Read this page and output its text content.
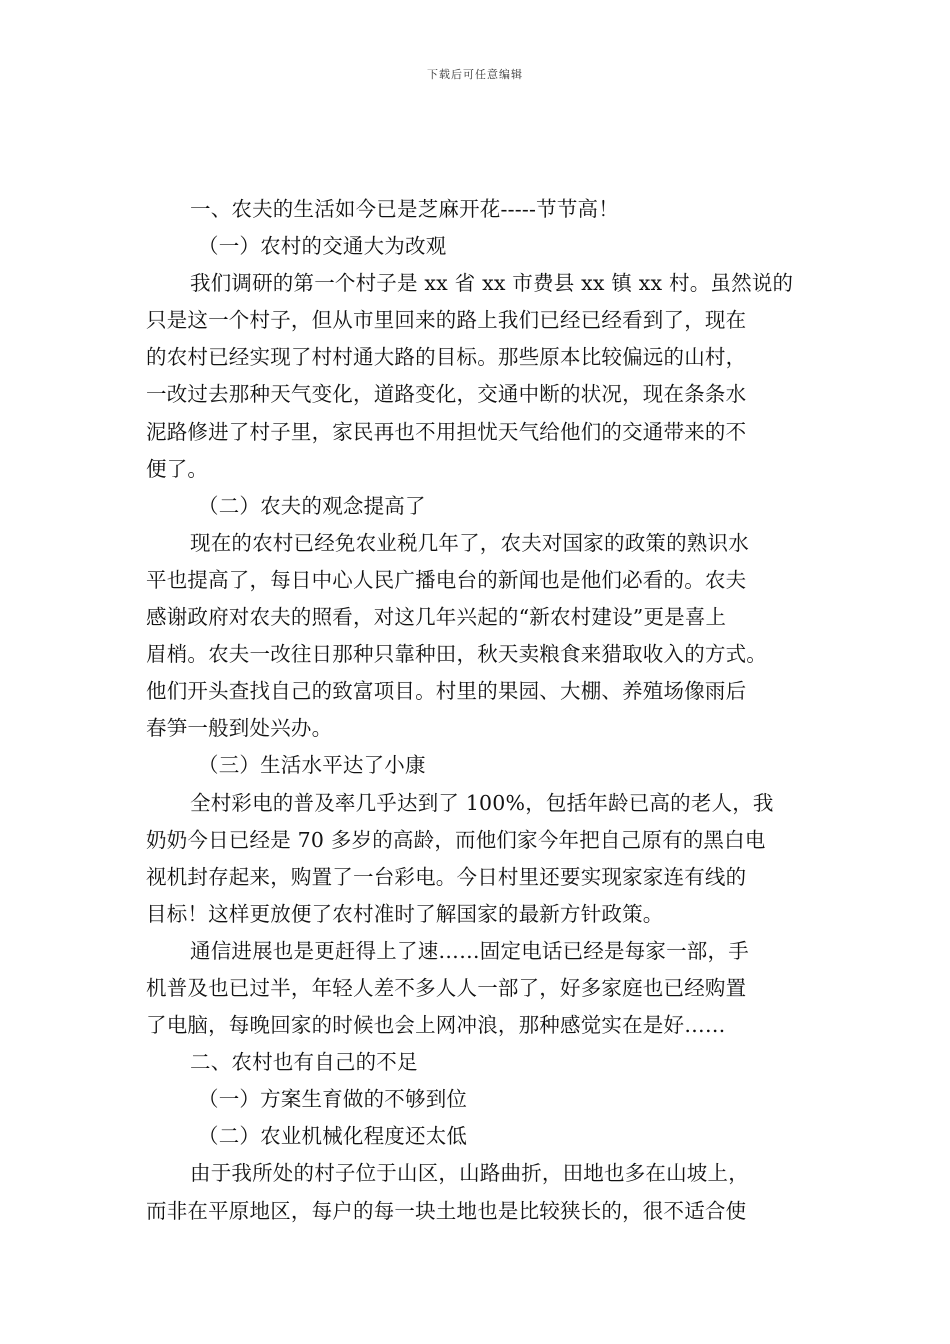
下载后可任意编辑
一、农夫的生活如今已是芝麻开花-----节节高！
（一）农村的交通大为改观
我们调研的第一个村子是 xx 省 xx 市费县 xx 镇 xx 村。虽然说的
只是这一个村子，但从市里回来的路上我们已经已经看到了，现在
的农村已经实现了村村通大路的目标。那些原本比较偏远的山村，
一改过去那种天气变化，道路变化，交通中断的状况，现在条条水
泥路修进了村子里，家民再也不用担忧天气给他们的交通带来的不
便了。
（二）农夫的观念提高了
现在的农村已经免农业税几年了，农夫对国家的政策的熟识水
平也提高了，每日中心人民广播电台的新闻也是他们必看的。农夫
感谢政府对农夫的照看，对这几年兴起的“新农村建设”更是喜上
眉梢。农夫一改往日那种只靠种田，秋天卖粮食来猎取收入的方式。
他们开头查找自己的致富项目。村里的果园、大棚、养殖场像雨后
春笋一般到处兴办。
（三）生活水平达了小康
全村彩电的普及率几乎达到了 100%，包括年龄已高的老人，我
奶奶今日已经是 70 多岁的高龄，而他们家今年把自己原有的黑白电
视机封存起来，购置了一台彩电。今日村里还要实现家家连有线的
目标！这样更放便了农村准时了解国家的最新方针政策。
通信进展也是更赶得上了速……固定电话已经是每家一部，手
机普及也已过半，年轻人差不多人人一部了，好多家庭也已经购置
了电脑，每晚回家的时候也会上网冲浪，那种感觉实在是好……
二、农村也有自己的不足
（一）方案生育做的不够到位
（二）农业机械化程度还太低
由于我所处的村子位于山区，山路曲折，田地也多在山坡上，
而非在平原地区，每户的每一块土地也是比较狭长的，很不适合使
